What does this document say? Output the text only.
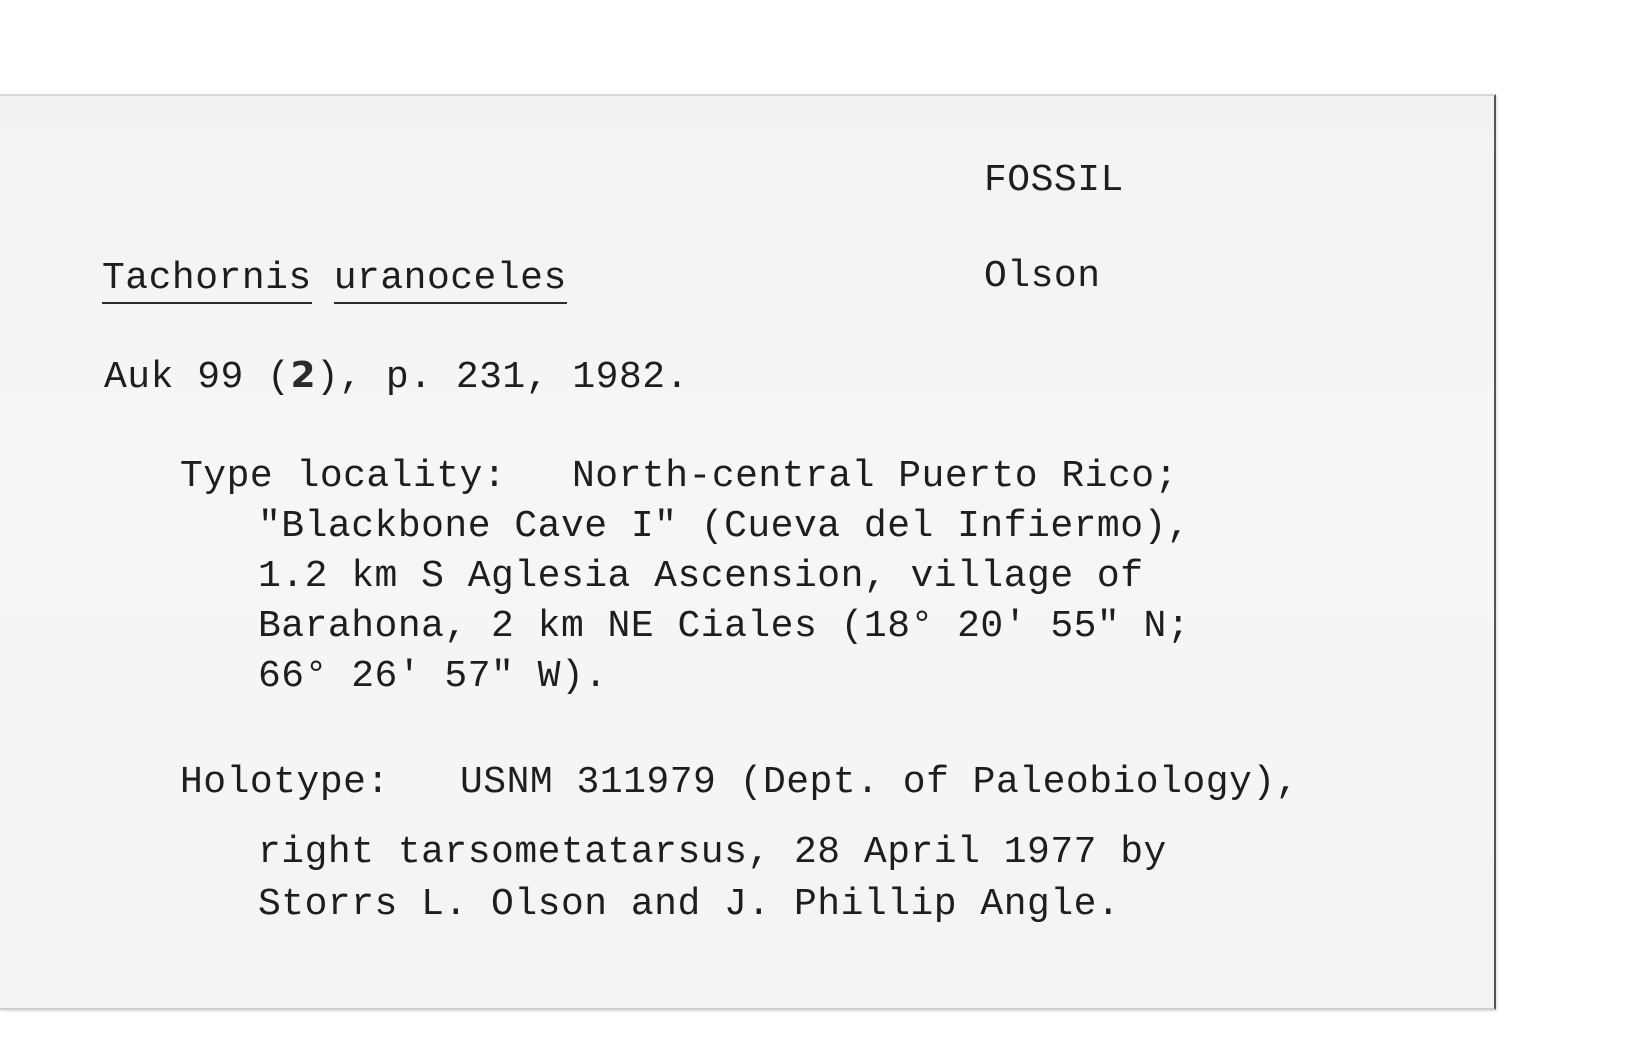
FOSSIL
Olson
Tachornis uranoceles
Auk 99 (2), p. 231, 1982.
Type locality: North-central Puerto Rico;
"Blackbone Cave I" (Cueva del Infiermo),
1.2 km S Aglesia Ascension, village of
Barahona, 2 km NE Ciales (18° 20' 55" N;
66° 26' 57" W).
Holotype: USNM 311979 (Dept. of Paleobiology),
right tarsometatarsus, 28 April 1977 by
Storrs L. Olson and J. Phillip Angle.
